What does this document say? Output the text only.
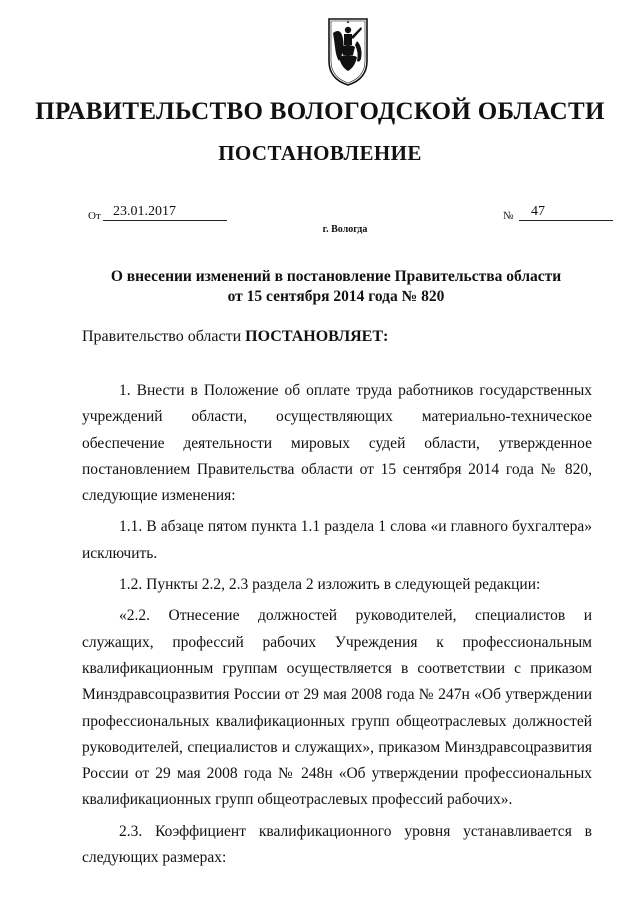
ПРАВИТЕЛЬСТВО ВОЛОГОДСКОЙ ОБЛАСТИ
ПОСТАНОВЛЕНИЕ
От 23.01.2017	№	47
г. Вологда
О внесении изменений в постановление Правительства области
от 15 сентября 2014 года № 820
Правительство области ПОСТАНОВЛЯЕТ:

1. Внести в Положение об оплате труда работников государственных учреждений области, осуществляющих материально-техническое обеспечение деятельности мировых судей области, утвержденное постановлением Правительства области от 15 сентября 2014 года № 820, следующие изменения:

1.1. В абзаце пятом пункта 1.1 раздела 1 слова «и главного бухгалтера» исключить.

1.2. Пункты 2.2, 2.3 раздела 2 изложить в следующей редакции:

«2.2. Отнесение должностей руководителей, специалистов и служащих, профессий рабочих Учреждения к профессиональным квалификационным группам осуществляется в соответствии с приказом Минздравсоцразвития России от 29 мая 2008 года № 247н «Об утверждении профессиональных квалификационных групп общеотраслевых должностей руководителей, специалистов и служащих», приказом Минздравсоцразвития России от 29 мая 2008 года № 248н «Об утверждении профессиональных квалификационных групп общеотраслевых профессий рабочих».

2.3. Коэффициент квалификационного уровня устанавливается в следующих размерах:
